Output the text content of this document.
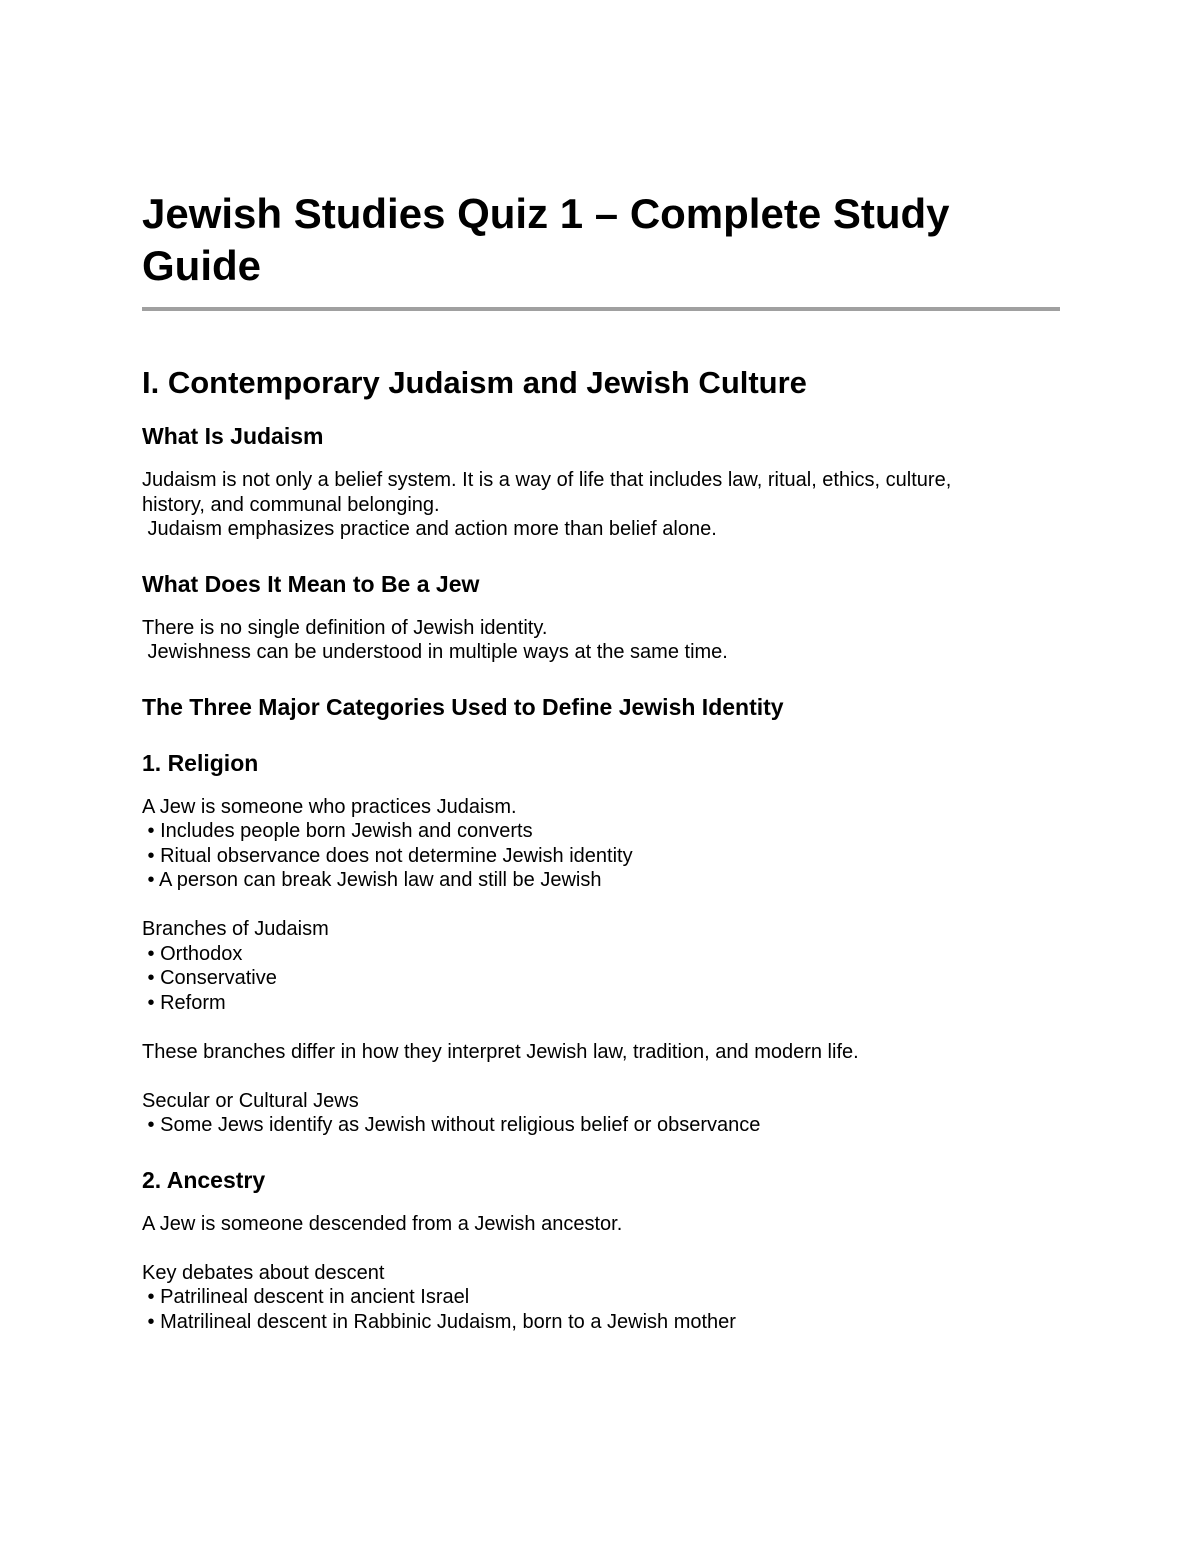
Jewish Studies Quiz 1 – Complete Study Guide
I. Contemporary Judaism and Jewish Culture
What Is Judaism

Judaism is not only a belief system. It is a way of life that includes law, ritual, ethics, culture,
history, and communal belonging.
Judaism emphasizes practice and action more than belief alone.

What Does It Mean to Be a Jew

There is no single definition of Jewish identity.
Jewishness can be understood in multiple ways at the same time.

The Three Major Categories Used to Define Jewish Identity
1. Religion

A Jew is someone who practices Judaism.
• Includes people born Jewish and converts
• Ritual observance does not determine Jewish identity
• A person can break Jewish law and still be Jewish

Branches of Judaism
• Orthodox
• Conservative
• Reform

These branches differ in how they interpret Jewish law, tradition, and modern life.

Secular or Cultural Jews
• Some Jews identify as Jewish without religious belief or observance

2. Ancestry

A Jew is someone descended from a Jewish ancestor.

Key debates about descent
• Patrilineal descent in ancient Israel
• Matrilineal descent in Rabbinic Judaism, born to a Jewish mother
